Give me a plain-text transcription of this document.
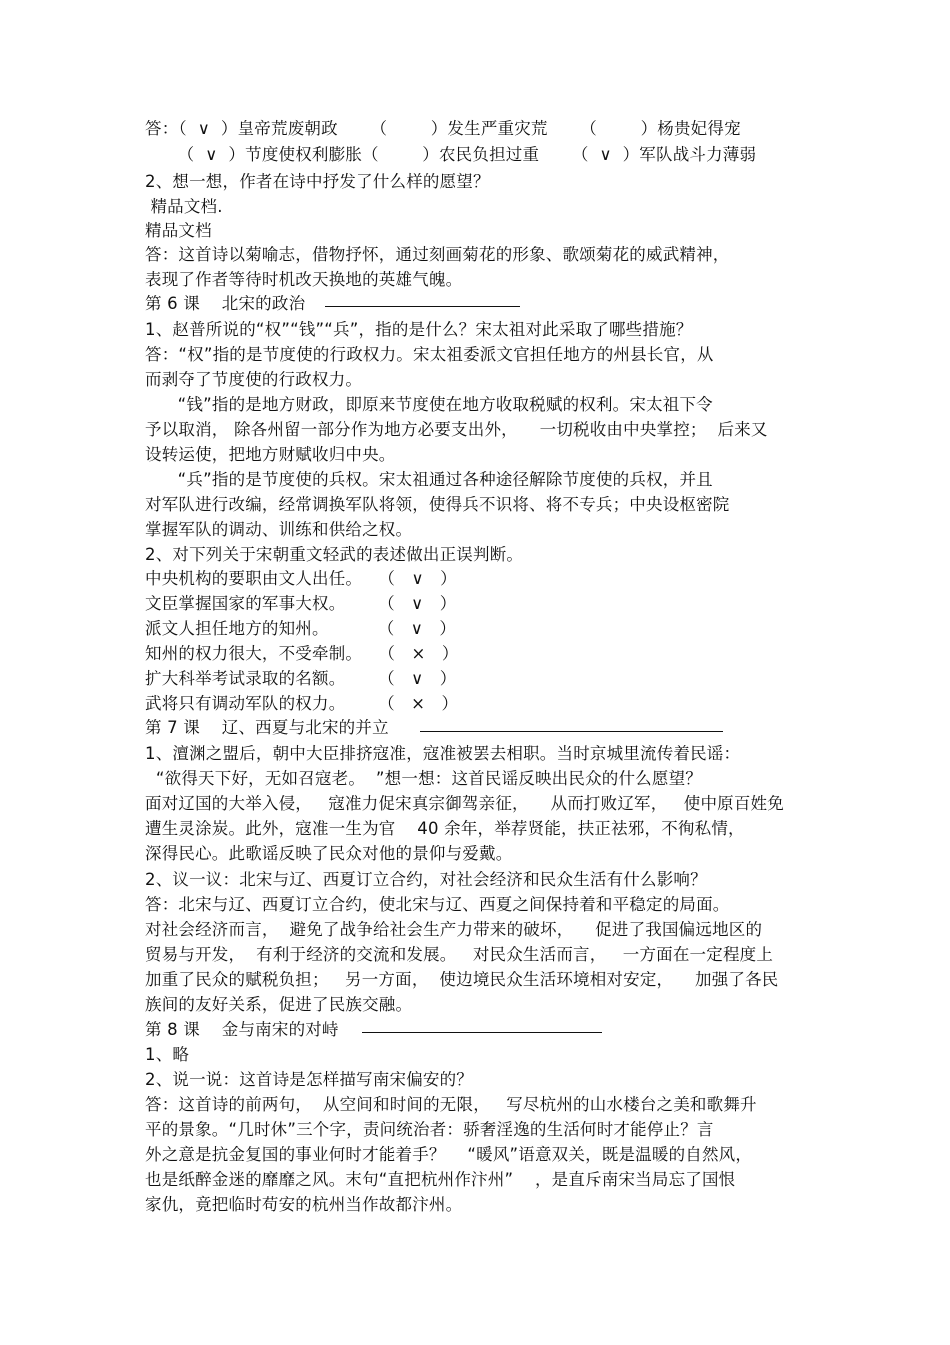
答：（  ∨  ）皇帝荒废朝政      （        ）发生严重灾荒      （        ）杨贵妃得宠
（  ∨  ）节度使权利膨胀（        ）农民负担过重      （  ∨  ）军队战斗力薄弱
2、想一想，作者在诗中抒发了什么样的愿望？
精品文档.
精品文档
答：这首诗以菊喻志，借物抒怀，通过刻画菊花的形象、歌颂菊花的威武精神，
表现了作者等待时机改天换地的英雄气魄。
第 6 课    北宋的政治
1、赵普所说的“权”“钱”“兵”，指的是什么？宋太祖对此采取了哪些措施？
答：“权”指的是节度使的行政权力。宋太祖委派文官担任地方的州县长官，从
而剥夺了节度使的行政权力。
“钱”指的是地方财政，即原来节度使在地方收取税赋的权利。宋太祖下令
予以取消， 除各州留一部分作为地方必要支出外，    一切税收由中央掌控；  后来又
设转运使，把地方财赋收归中央。
“兵”指的是节度使的兵权。宋太祖通过各种途径解除节度使的兵权，并且
对军队进行改编，经常调换军队将领，使得兵不识将、将不专兵；中央设枢密院
掌握军队的调动、训练和供给之权。
2、对下列关于宋朝重文轻武的表述做出正误判断。
中央机构的要职由文人出任。   （   ∨   ）
文臣掌握国家的军事大权。      （   ∨   ）
派文人担任地方的知州。         （   ∨   ）
知州的权力很大，不受牵制。   （   ×   ）
扩大科举考试录取的名额。      （   ∨   ）
武将只有调动军队的权力。      （   ×   ）
第 7 课    辽、西夏与北宋的并立
1、澶渊之盟后，朝中大臣排挤寇准，寇准被罢去相职。当时京城里流传着民谣：
“欲得天下好，无如召寇老。  ”想一想：这首民谣反映出民众的什么愿望？
面对辽国的大举入侵，   寇准力促宋真宗御驾亲征，    从而打败辽军，   使中原百姓免
遭生灵涂炭。此外，寇准一生为官    40 余年，举荐贤能，扶正祛邪，不徇私情，
深得民心。此歌谣反映了民众对他的景仰与爱戴。
2、议一议：北宋与辽、西夏订立合约，对社会经济和民众生活有什么影响？
答：北宋与辽、西夏订立合约，使北宋与辽、西夏之间保持着和平稳定的局面。
对社会经济而言，  避免了战争给社会生产力带来的破坏，    促进了我国偏远地区的
贸易与开发，  有利于经济的交流和发展。   对民众生活而言，   一方面在一定程度上
加重了民众的赋税负担；   另一方面，  使边境民众生活环境相对安定，    加强了各民
族间的友好关系，促进了民族交融。
第 8 课    金与南宋的对峙
1、略
2、说一说：这首诗是怎样描写南宋偏安的？
答：这首诗的前两句，  从空间和时间的无限，   写尽杭州的山水楼台之美和歌舞升
平的景象。“几时休”三个字，责问统治者：骄奢淫逸的生活何时才能停止？言
外之意是抗金复国的事业何时才能着手？    “暖风”语意双关，既是温暖的自然风，
也是纸醉金迷的靡靡之风。末句“直把杭州作汴州”    ，是直斥南宋当局忘了国恨
家仇，竟把临时苟安的杭州当作故都汴州。
